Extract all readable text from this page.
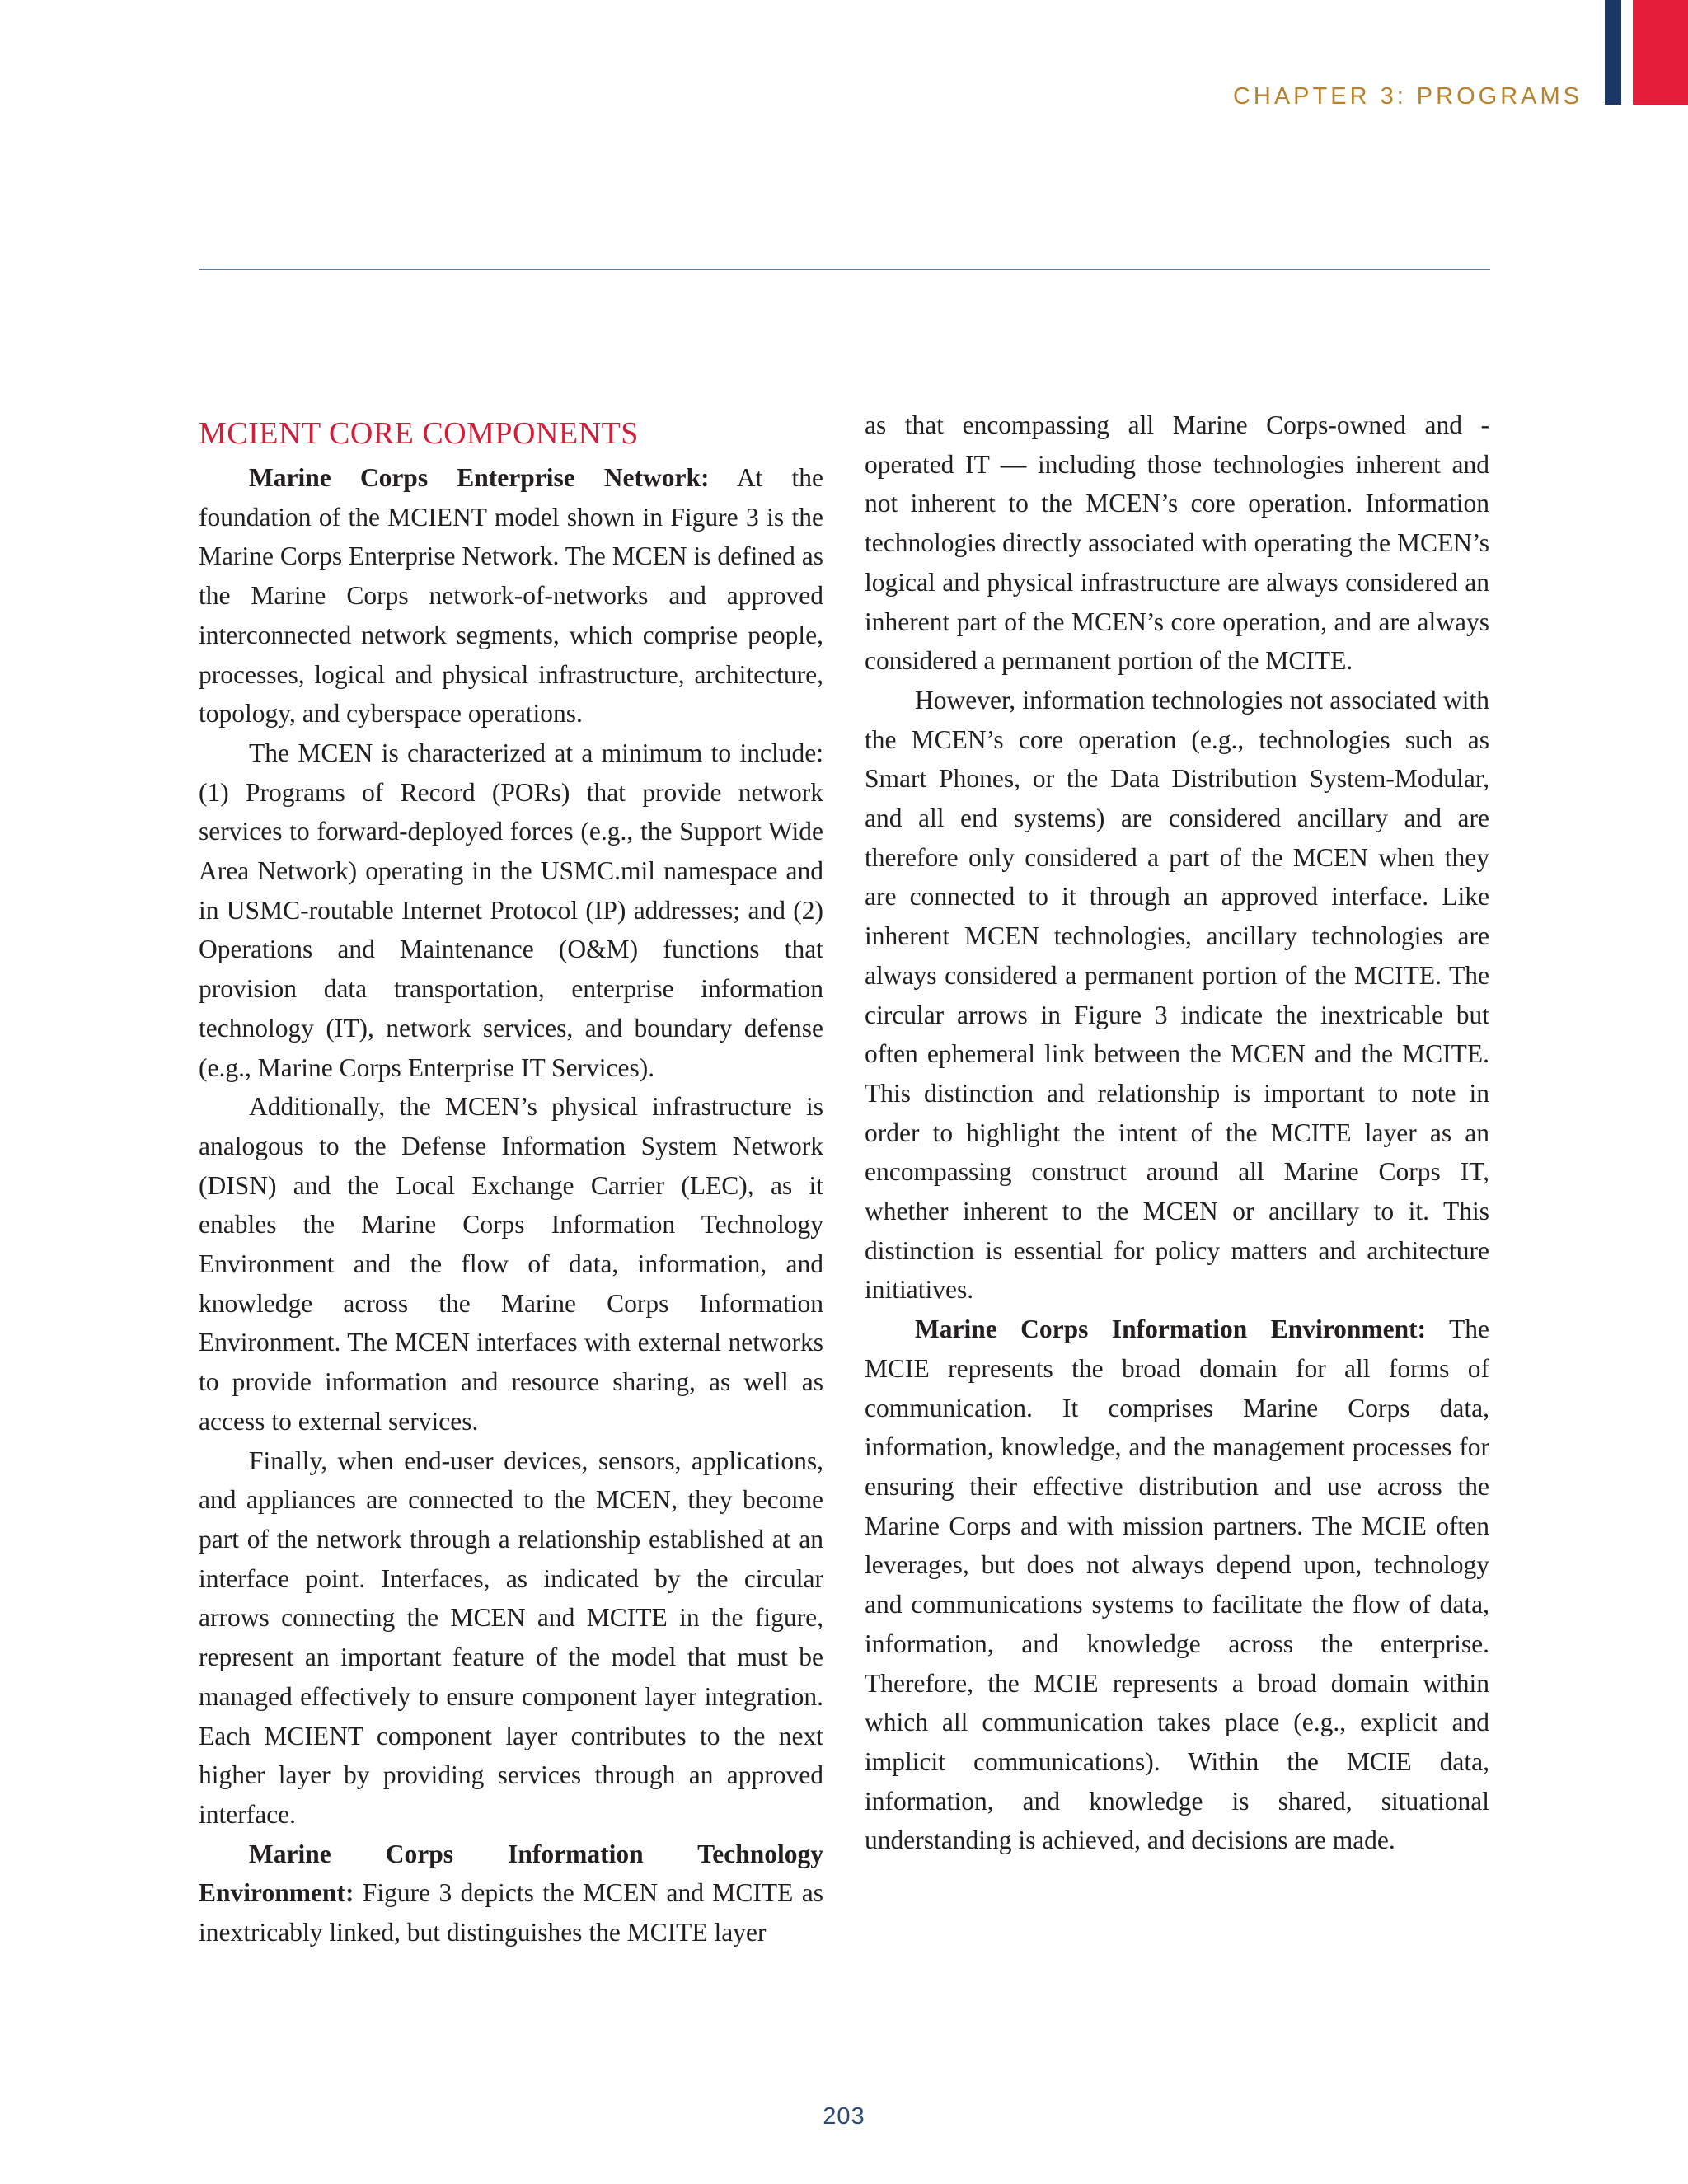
CHAPTER 3: PROGRAMS
MCIENT CORE COMPONENTS

Marine Corps Enterprise Network: At the foundation of the MCIENT model shown in Figure 3 is the Marine Corps Enterprise Network. The MCEN is defined as the Marine Corps network-of-networks and approved interconnected network segments, which comprise people, processes, logical and physical infrastructure, architecture, topology, and cyberspace operations.

The MCEN is characterized at a minimum to include: (1) Programs of Record (PORs) that provide network services to forward-deployed forces (e.g., the Support Wide Area Network) operating in the USMC.mil namespace and in USMC-routable Internet Protocol (IP) addresses; and (2) Operations and Maintenance (O&M) functions that provision data transportation, enterprise information technology (IT), network services, and boundary defense (e.g., Marine Corps Enterprise IT Services).

Additionally, the MCEN’s physical infrastructure is analogous to the Defense Information System Network (DISN) and the Local Exchange Carrier (LEC), as it enables the Marine Corps Information Technology Environment and the flow of data, information, and knowledge across the Marine Corps Information Environment. The MCEN interfaces with external networks to provide information and resource sharing, as well as access to external services.

Finally, when end-user devices, sensors, applications, and appliances are connected to the MCEN, they become part of the network through a relationship established at an interface point. Interfaces, as indicated by the circular arrows connecting the MCEN and MCITE in the figure, represent an important feature of the model that must be managed effectively to ensure component layer integration. Each MCIENT component layer contributes to the next higher layer by providing services through an approved interface.

Marine Corps Information Technology Environment: Figure 3 depicts the MCEN and MCITE as inextricably linked, but distinguishes the MCITE layer

as that encompassing all Marine Corps-owned and -operated IT — including those technologies inherent and not inherent to the MCEN’s core operation. Information technologies directly associated with operating the MCEN’s logical and physical infrastructure are always considered an inherent part of the MCEN’s core operation, and are always considered a permanent portion of the MCITE.

However, information technologies not associated with the MCEN’s core operation (e.g., technologies such as Smart Phones, or the Data Distribution System-Modular, and all end systems) are considered ancillary and are therefore only considered a part of the MCEN when they are connected to it through an approved interface. Like inherent MCEN technologies, ancillary technologies are always considered a permanent portion of the MCITE. The circular arrows in Figure 3 indicate the inextricable but often ephemeral link between the MCEN and the MCITE. This distinction and relationship is important to note in order to highlight the intent of the MCITE layer as an encompassing construct around all Marine Corps IT, whether inherent to the MCEN or ancillary to it. This distinction is essential for policy matters and architecture initiatives.

Marine Corps Information Environment: The MCIE represents the broad domain for all forms of communication. It comprises Marine Corps data, information, knowledge, and the management processes for ensuring their effective distribution and use across the Marine Corps and with mission partners. The MCIE often leverages, but does not always depend upon, technology and communications systems to facilitate the flow of data, information, and knowledge across the enterprise. Therefore, the MCIE represents a broad domain within which all communication takes place (e.g., explicit and implicit communications). Within the MCIE data, information, and knowledge is shared, situational understanding is achieved, and decisions are made.

203
